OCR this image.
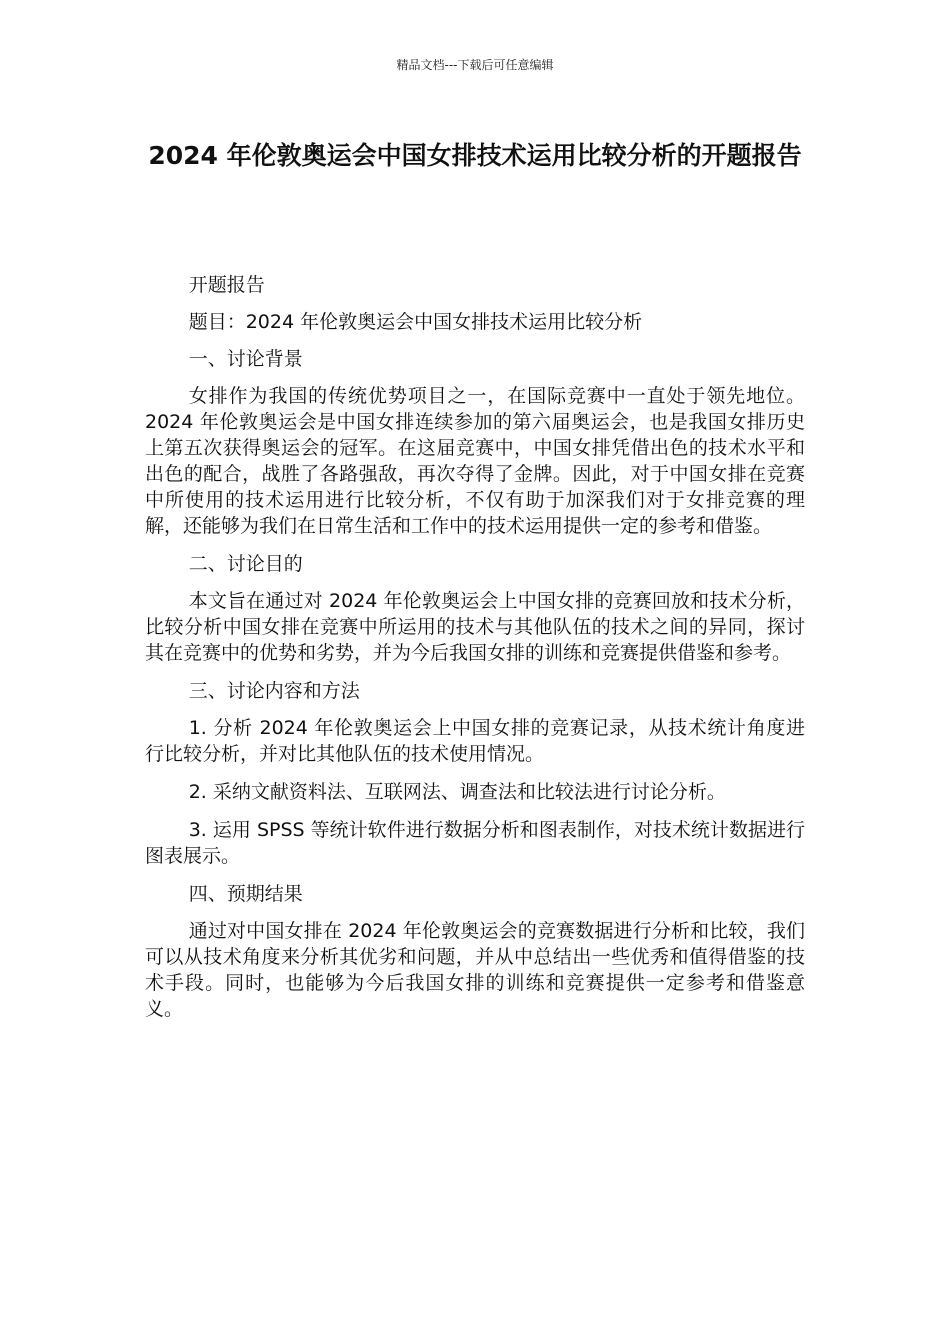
精品文档---下载后可任意编辑
2024 年伦敦奥运会中国女排技术运用比较分析的开题报告

开题报告

题目：2024 年伦敦奥运会中国女排技术运用比较分析

一、讨论背景

女排作为我国的传统优势项目之一，在国际竞赛中一直处于领先地位。2024 年伦敦奥运会是中国女排连续参加的第六届奥运会，也是我国女排历史上第五次获得奥运会的冠军。在这届竞赛中，中国女排凭借出色的技术水平和出色的配合，战胜了各路强敌，再次夺得了金牌。因此，对于中国女排在竞赛中所使用的技术运用进行比较分析，不仅有助于加深我们对于女排竞赛的理解，还能够为我们在日常生活和工作中的技术运用提供一定的参考和借鉴。

二、讨论目的

本文旨在通过对 2024 年伦敦奥运会上中国女排的竞赛回放和技术分析，比较分析中国女排在竞赛中所运用的技术与其他队伍的技术之间的异同，探讨其在竞赛中的优势和劣势，并为今后我国女排的训练和竞赛提供借鉴和参考。

三、讨论内容和方法

1. 分析 2024 年伦敦奥运会上中国女排的竞赛记录，从技术统计角度进行比较分析，并对比其他队伍的技术使用情况。

2. 采纳文献资料法、互联网法、调查法和比较法进行讨论分析。

3. 运用 SPSS 等统计软件进行数据分析和图表制作，对技术统计数据进行图表展示。

四、预期结果

通过对中国女排在 2024 年伦敦奥运会的竞赛数据进行分析和比较，我们可以从技术角度来分析其优劣和问题，并从中总结出一些优秀和值得借鉴的技术手段。同时，也能够为今后我国女排的训练和竞赛提供一定参考和借鉴意义。
